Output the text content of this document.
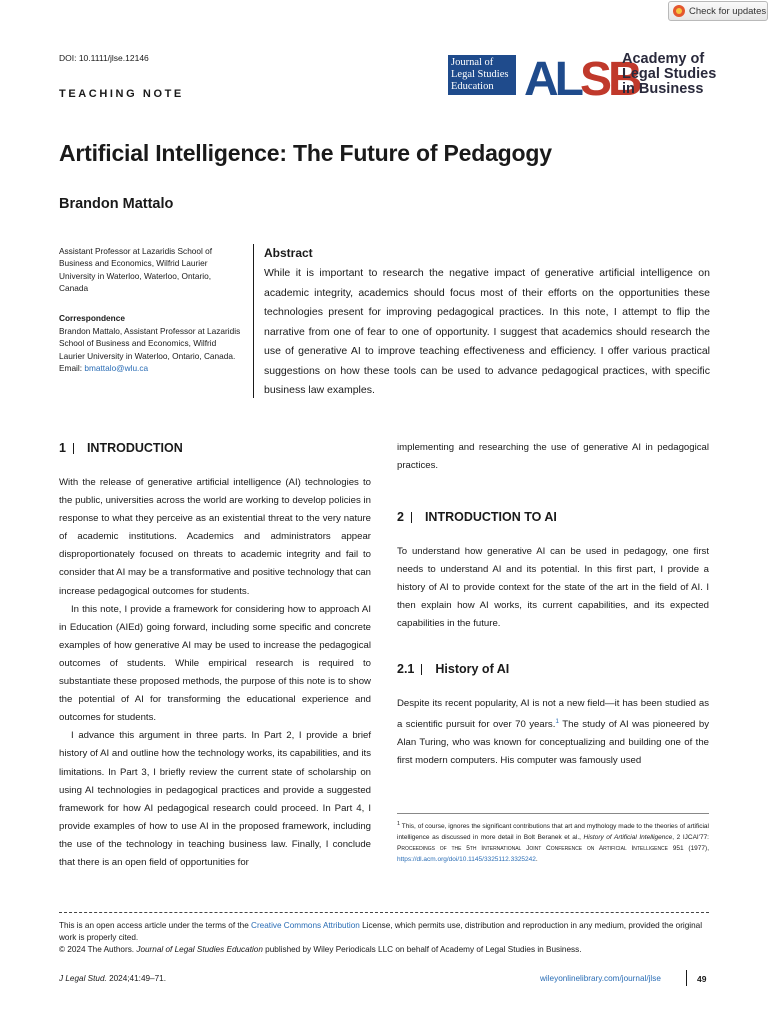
Check for updates
DOI: 10.1111/jlse.12146
TEACHING NOTE
Journal of
Legal Studies
Education ALSB
Academy of
Legal Studies
in Business
Artificial Intelligence: The Future of Pedagogy
Brandon Mattalo
Assistant Professor at Lazaridis School of Business and Economics, Wilfrid Laurier University in Waterloo, Waterloo, Ontario, Canada
Correspondence
Brandon Mattalo, Assistant Professor at Lazaridis School of Business and Economics, Wilfrid Laurier University in Waterloo, Ontario, Canada.
Email: bmattalo@wlu.ca
Abstract
While it is important to research the negative impact of generative artificial intelligence on academic integrity, academics should focus most of their efforts on the opportunities these technologies present for improving pedagogical practices. In this note, I attempt to flip the narrative from one of fear to one of opportunity. I suggest that academics should research the use of generative AI to improve teaching effectiveness and efficiency. I offer various practical suggestions on how these tools can be used to advance pedagogical practices, with specific business law examples.
1 INTRODUCTION

With the release of generative artificial intelligence (AI) technologies to the public, universities across the world are working to develop policies in response to what they perceive as an existential threat to the very nature of academic institutions. Academics and administrators appear disproportionately focused on threats to academic integrity and fail to consider that AI may be a transformative and positive technology that can increase pedagogical outcomes for students.

In this note, I provide a framework for considering how to approach AI in Education (AIEd) going forward, including some specific and concrete examples of how generative AI may be used to increase the pedagogical outcomes of students. While empirical research is required to substantiate these proposed methods, the purpose of this note is to show the potential of AI for transforming the educational experience and outcomes for students.

I advance this argument in three parts. In Part 2, I provide a brief history of AI and outline how the technology works, its capabilities, and its limitations. In Part 3, I briefly review the current state of scholarship on using AI technologies in pedagogical practices and provide a suggested framework for how AI pedagogical research could proceed. In Part 4, I provide examples of how to use AI in the proposed framework, including the use of the technology in teaching business law. Finally, I conclude that there is an open field of opportunities for

implementing and researching the use of generative AI in pedagogical practices.
2 INTRODUCTION TO AI
To understand how generative AI can be used in pedagogy, one first needs to understand AI and its potential. In this first part, I provide a history of AI to provide context for the state of the art in the field of AI. I then explain how AI works, its current capabilities, and its expected capabilities in the future.
2.1 History of AI
Despite its recent popularity, AI is not a new field—it has been studied as a scientific pursuit for over 70 years.$^1$ The study of AI was pioneered by Alan Turing, who was known for conceptualizing and building one of the first modern computers. His computer was famously used
$^1$ This, of course, ignores the significant contributions that art and mythology made to the theories of artificial intelligence as discussed in more detail in Bolt Beranek et al., History of Artificial Intelligence, 2 IJCAI'77: Proceedings of the 5th International Joint Conference on Artificial Intelligence 951 (1977), https://dl.acm.org/doi/10.1145/3325112.3325242.
This is an open access article under the terms of the Creative Commons Attribution License, which permits use, distribution and reproduction in any medium, provided the original work is properly cited.
© 2024 The Authors. Journal of Legal Studies Education published by Wiley Periodicals LLC on behalf of Academy of Legal Studies in Business.
J Legal Stud. 2024;41:49–71.	wileyonlinelibrary.com/journal/jlse	49
